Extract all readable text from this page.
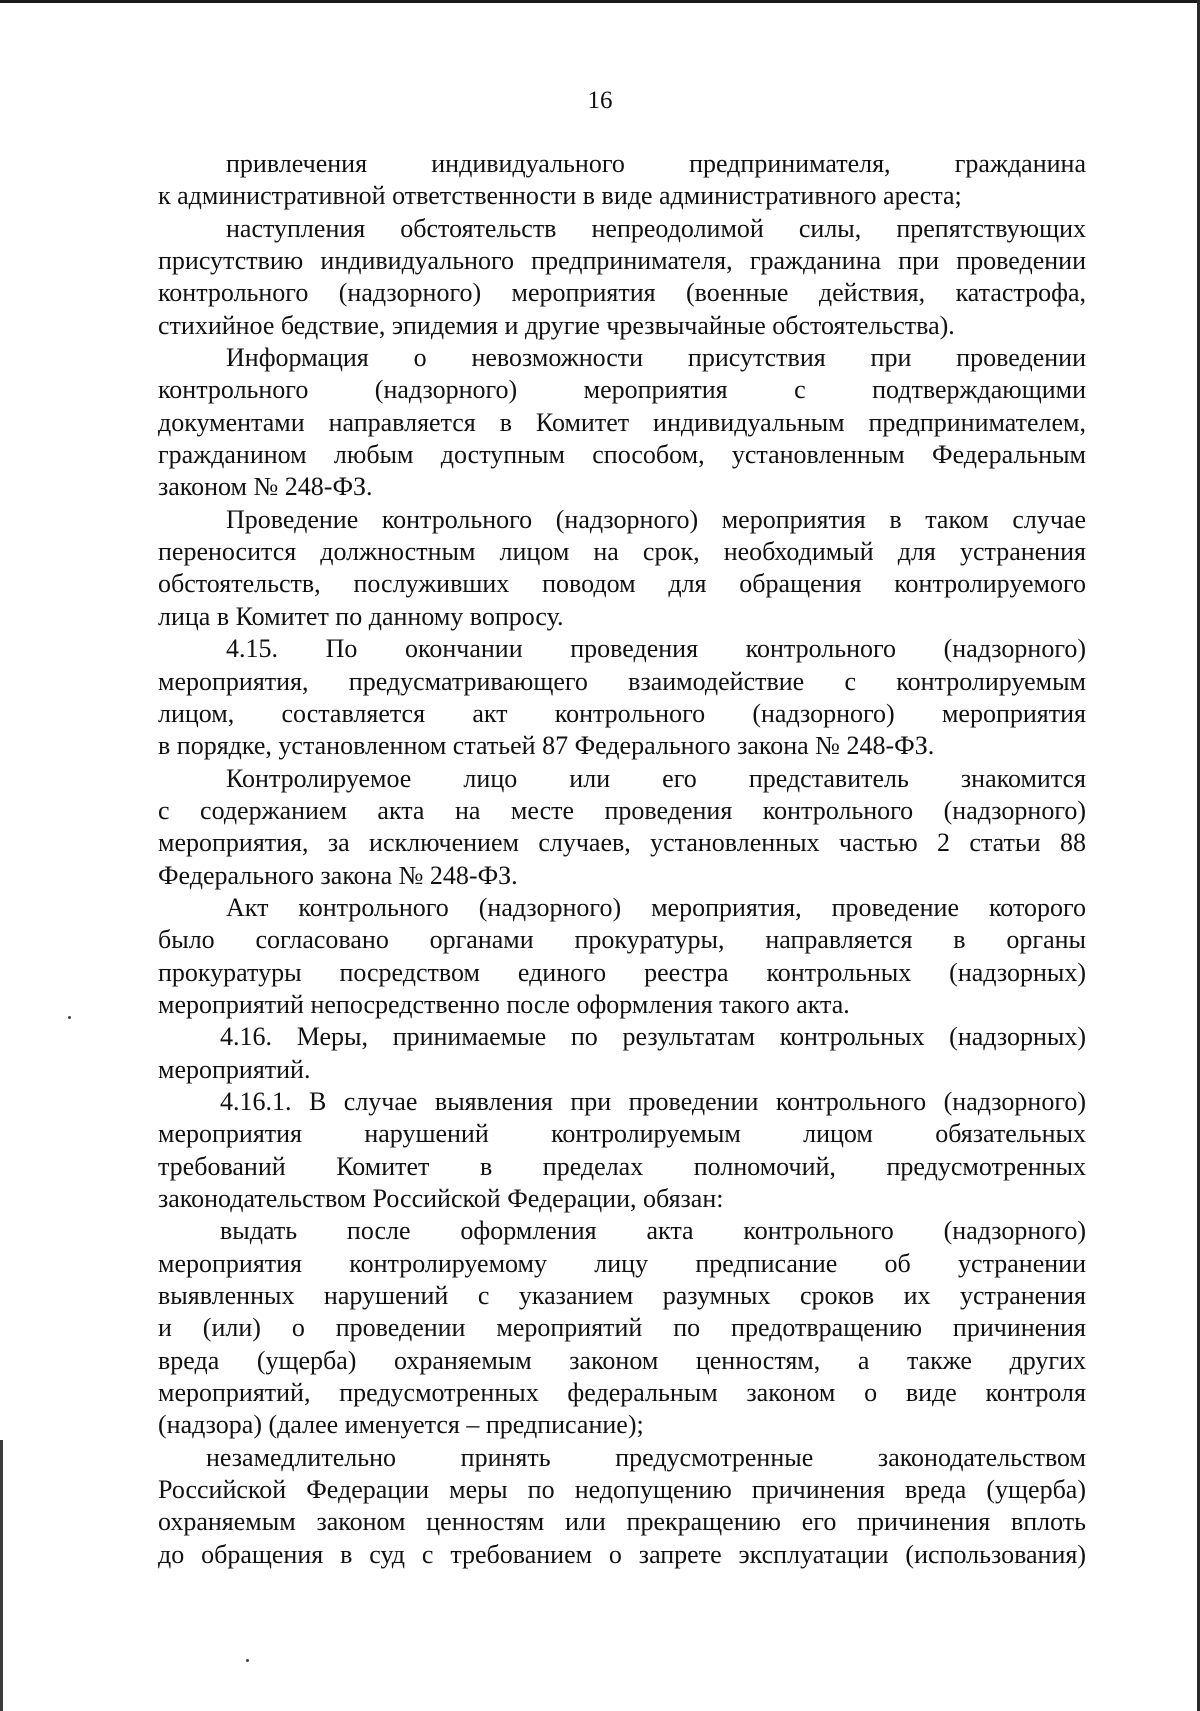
16
привлечения индивидуального предпринимателя, гражданина
к административной ответственности в виде административного ареста;
наступления обстоятельств непреодолимой силы, препятствующих
присутствию индивидуального предпринимателя, гражданина при проведении
контрольного (надзорного) мероприятия (военные действия, катастрофа,
стихийное бедствие, эпидемия и другие чрезвычайные обстоятельства).
Информация о невозможности присутствия при проведении
контрольного (надзорного) мероприятия с подтверждающими
документами направляется в Комитет индивидуальным предпринимателем,
гражданином любым доступным способом, установленным Федеральным
законом № 248-ФЗ.
Проведение контрольного (надзорного) мероприятия в таком случае
переносится должностным лицом на срок, необходимый для устранения
обстоятельств, послуживших поводом для обращения контролируемого
лица в Комитет по данному вопросу.
4.15. По окончании проведения контрольного (надзорного)
мероприятия, предусматривающего взаимодействие с контролируемым
лицом, составляется акт контрольного (надзорного) мероприятия
в порядке, установленном статьей 87 Федерального закона № 248-ФЗ.
Контролируемое лицо или его представитель знакомится
с содержанием акта на месте проведения контрольного (надзорного)
мероприятия, за исключением случаев, установленных частью 2 статьи 88
Федерального закона № 248-ФЗ.
Акт контрольного (надзорного) мероприятия, проведение которого
было согласовано органами прокуратуры, направляется в органы
прокуратуры посредством единого реестра контрольных (надзорных)
мероприятий непосредственно после оформления такого акта.
4.16. Меры, принимаемые по результатам контрольных (надзорных)
мероприятий.
4.16.1. В случае выявления при проведении контрольного (надзорного)
мероприятия нарушений контролируемым лицом обязательных
требований Комитет в пределах полномочий, предусмотренных
законодательством Российской Федерации, обязан:
выдать после оформления акта контрольного (надзорного)
мероприятия контролируемому лицу предписание об устранении
выявленных нарушений с указанием разумных сроков их устранения
и (или) о проведении мероприятий по предотвращению причинения
вреда (ущерба) охраняемым законом ценностям, а также других
мероприятий, предусмотренных федеральным законом о виде контроля
(надзора) (далее именуется – предписание);
незамедлительно принять предусмотренные законодательством
Российской Федерации меры по недопущению причинения вреда (ущерба)
охраняемым законом ценностям или прекращению его причинения вплоть
до обращения в суд с требованием о запрете эксплуатации (использования)
